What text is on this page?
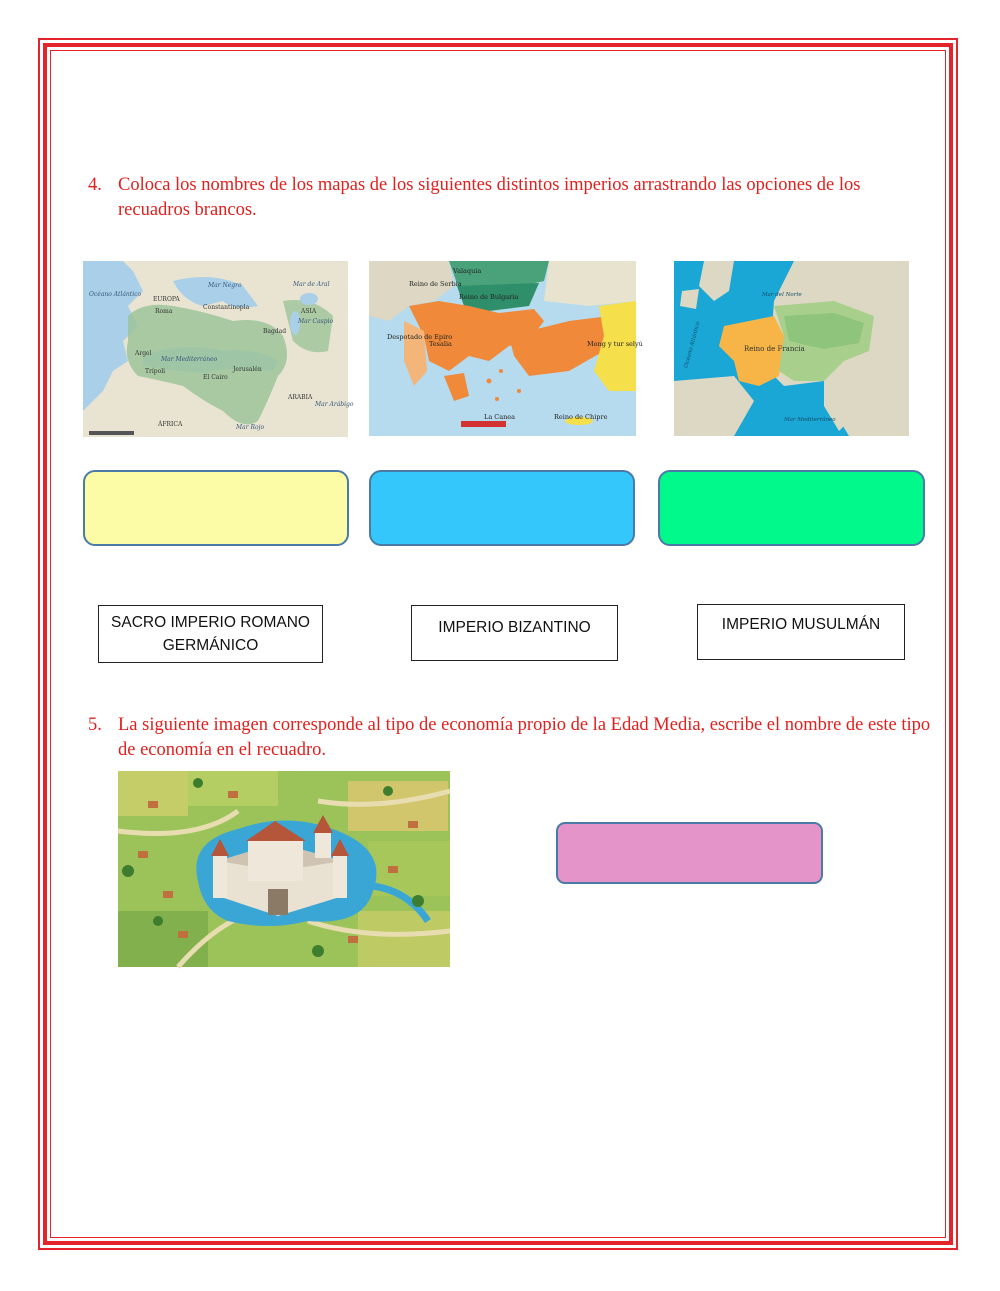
4. Coloca los nombres de los mapas de los siguientes distintos imperios arrastrando las opciones de los recuadros brancos.
Océano Atlántico
Mar Negro	Mar de Aral
Mar Caspio
Mar Mediterráneo
Mar Arábigo
Mar Rojo
EUROPA
ASIA
Constantinopla
Roma
Bagdad
Argel
Trípoli
El Cairo
Jerusalén
ARABIA
ÁFRICA
Valaquia
Reino de Serbia
Reino de Bulgaria
Tesalia
Despotado de Epiro
Mong y tur selyú
La Canea	Reino de Chipre
Mar del Norte
Mar Mediterráneo
Océano Atlántico	Reino de Francia
SACRO IMPERIO ROMANO
GERMÁNICO
IMPERIO BIZANTINO	IMPERIO MUSULMÁN
5. La siguiente imagen corresponde al tipo de economía propio de la Edad Media, escribe el nombre de este tipo de economía en el recuadro.
